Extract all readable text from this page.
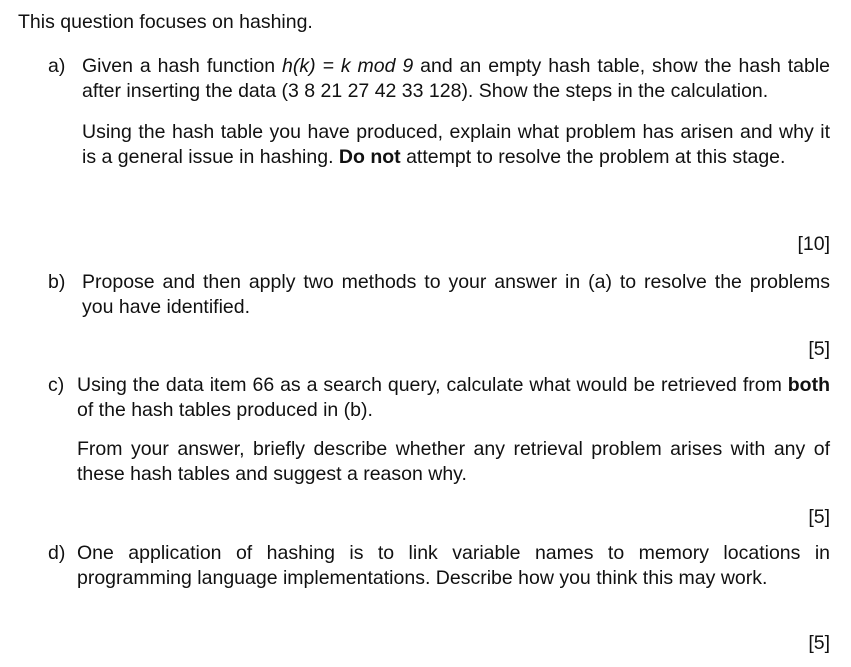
This question focuses on hashing.
a) Given a hash function h(k) = k mod 9 and an empty hash table, show the hash table after inserting the data (3 8 21 27 42 33 128). Show the steps in the calculation.

Using the hash table you have produced, explain what problem has arisen and why it is a general issue in hashing. Do not attempt to resolve the problem at this stage.

[10]
b) Propose and then apply two methods to your answer in (a) to resolve the problems you have identified.

[5]
c) Using the data item 66 as a search query, calculate what would be retrieved from both of the hash tables produced in (b).

From your answer, briefly describe whether any retrieval problem arises with any of these hash tables and suggest a reason why.

[5]
d) One application of hashing is to link variable names to memory locations in programming language implementations. Describe how you think this may work.

[5]
